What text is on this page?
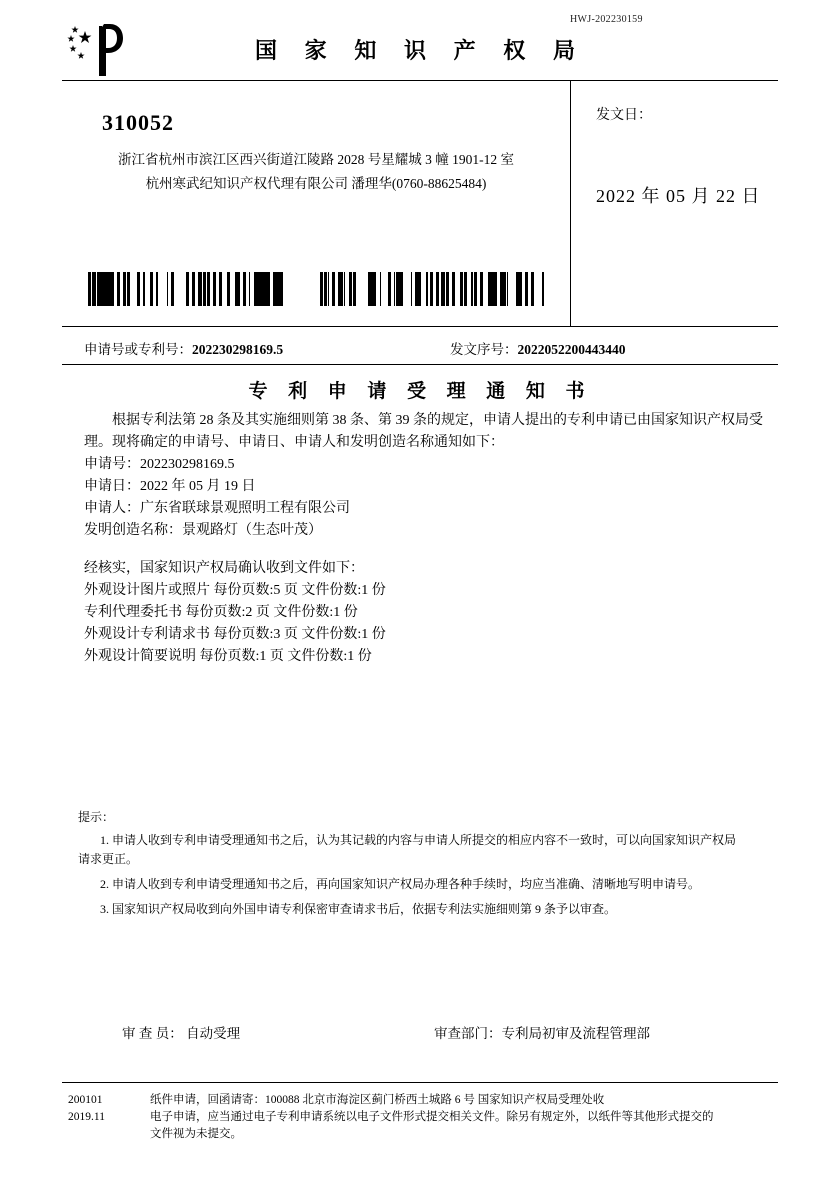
HWJ-202230159
国 家 知 识 产 权 局
310052
浙江省杭州市滨江区西兴街道江陵路 2028 号星耀城 3 幢 1901-12 室
杭州寒武纪知识产权代理有限公司 潘理华(0760-88625484)
发文日：
2022 年 05 月 22 日
申请号或专利号：202230298169.5	发文序号：2022052200443440
专 利 申 请 受 理 通 知 书
根据专利法第 28 条及其实施细则第 38 条、第 39 条的规定，申请人提出的专利申请已由国家知识产权局受理。现将确定的申请号、申请日、申请人和发明创造名称通知如下：
申请号：202230298169.5
申请日：2022 年 05 月 19 日
申请人：广东省联球景观照明工程有限公司
发明创造名称：景观路灯（生态叶茂）
经核实，国家知识产权局确认收到文件如下：
外观设计图片或照片 每份页数:5 页 文件份数:1 份
专利代理委托书 每份页数:2 页 文件份数:1 份
外观设计专利请求书 每份页数:3 页 文件份数:1 份
外观设计简要说明 每份页数:1 页 文件份数:1 份
提示：
1. 申请人收到专利申请受理通知书之后，认为其记载的内容与申请人所提交的相应内容不一致时，可以向国家知识产权局
请求更正。
2. 申请人收到专利申请受理通知书之后，再向国家知识产权局办理各种手续时，均应当准确、清晰地写明申请号。
3. 国家知识产权局收到向外国申请专利保密审查请求书后，依据专利法实施细则第 9 条予以审查。
审 查 员： 自动受理	审查部门：专利局初审及流程管理部
200101
2019.11

纸件申请，回函请寄：100088 北京市海淀区蓟门桥西土城路 6 号 国家知识产权局受理处收

电子申请，应当通过电子专利申请系统以电子文件形式提交相关文件。除另有规定外，以纸件等其他形式提交的

文件视为未提交。
